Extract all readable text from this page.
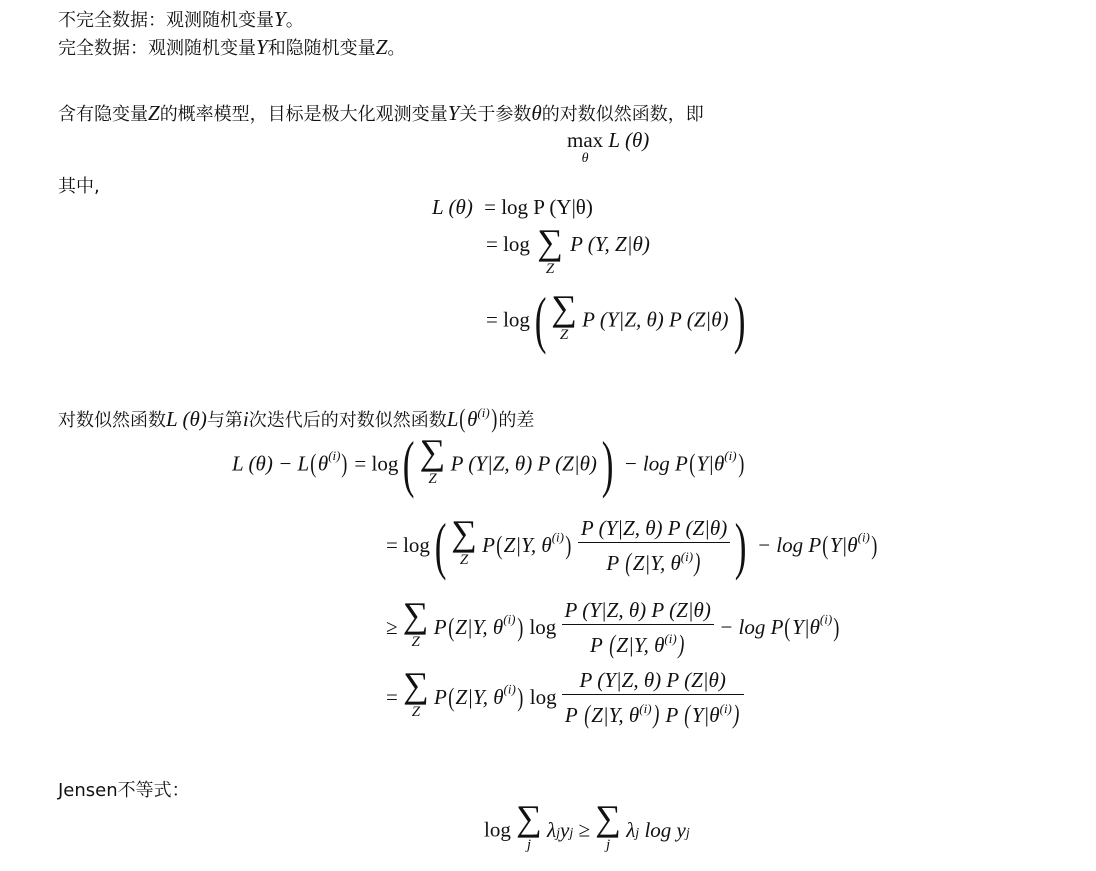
不完全数据：观测随机变量Y。
完全数据：观测随机变量Y和隐随机变量Z。
含有隐变量Z的概率模型，目标是极大化观测变量Y关于参数θ的对数似然函数，即
max
θ
L (θ)
其中,
L (θ) = log P (Y|θ)
= log ∑
Z
P (Y, Z|θ)
= log( ∑
Z
P (Y|Z, θ) P (Z|θ))
对数似然函数L (θ)与第i次迭代后的对数似然函数$L(\theta^{(i)})$的差
L $(\theta) - L(\theta^{(i)}) = \log$( ∑
Z
P (Y|Z, θ) P $(Z|\theta)) - \log P(Y|\theta^{(i)})$
= log( ∑
Z
P(Z|Y, $\theta^{(i)}) \frac{P (Y|Z, \theta) P (Z|\theta)}{P (Z|Y, \theta^{(i)})}$ ) − $\log P(Y|\theta^{(i)})$
≥ ∑
Z
P(Z|Y, $\theta^{(i)}$) $\log \frac{P (Y|Z, \theta) P (Z|\theta)}{P (Z|Y, \theta^{(i)})} - \log P(Y|\theta^{(i)})$
= ∑
Z
P(Z|Y, $\theta^{(i)}$) $\log \frac{P (Y|Z, \theta) P (Z|\theta)}{P (Z|Y, \theta^{(i)}) P (Y|\theta^{(i)})}$
Jensen不等式：
log ∑
j
λjyj ≥ ∑
j
λj log yj
